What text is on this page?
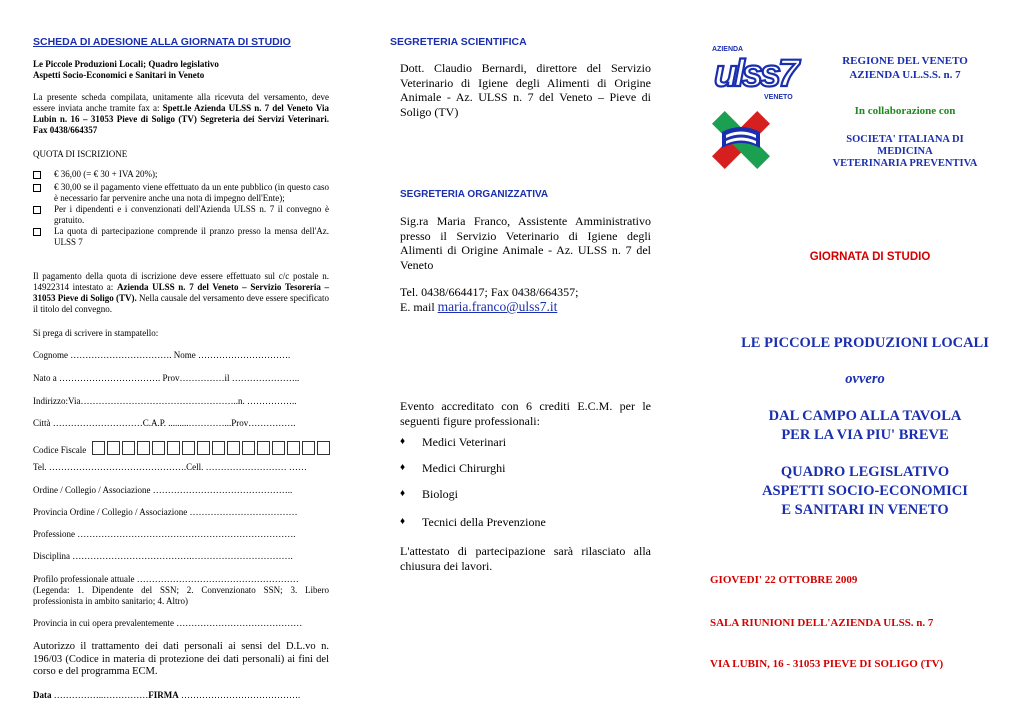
SCHEDA DI ADESIONE ALLA GIORNATA DI STUDIO
Le Piccole Produzioni Locali; Quadro legislativo
Aspetti Socio-Economici e Sanitari in Veneto
La presente scheda compilata, unitamente alla ricevuta del versamento, deve essere inviata anche tramite fax a: Spett.le Azienda ULSS n. 7 del Veneto Via Lubin n. 16 – 31053 Pieve di Soligo (TV) Segreteria dei Servizi Veterinari. Fax 0438/664357
QUOTA DI ISCRIZIONE
€ 36,00 (= € 30 + IVA 20%);
€ 30,00 se il pagamento viene effettuato da un ente pubblico (in questo caso è necessario far pervenire anche una nota di impegno dell'Ente);
Per i dipendenti e i convenzionati dell'Azienda ULSS n. 7 il convegno è gratuito.
La quota di partecipazione comprende il pranzo presso la mensa dell'Az. ULSS 7
Il pagamento della quota di iscrizione deve essere effettuato sul c/c postale n. 14922314 intestato a: Azienda ULSS n. 7 del Veneto – Servizio Tesoreria – 31053 Pieve di Soligo (TV). Nella causale del versamento deve essere specificato il titolo del convegno.
Si prega di scrivere in stampatello:
Cognome ……………………………. Nome ………………………….
Nato a ……………………………. Prov……………il …………………..
Indirizzo:Via……………………………………………..n. ……………..
Città …………………………C.A.P. .........…………...Prov…………….
Codice Fiscale
Tel. ……………………………………….Cell. ……………………… ……
Ordine / Collegio / Associazione ………………………………………..
Provincia Ordine / Collegio / Associazione ………………………………
Professione ……………………………………………………………….
Disciplina ………………………………….…………………………….
Profilo professionale attuale ………………………………………………
(Legenda: 1. Dipendente del SSN; 2. Convenzionato SSN; 3. Libero professionista in ambito sanitario; 4. Altro)
Provincia in cui opera prevalentemente ……………………………………
Autorizzo il trattamento dei dati personali ai sensi del D.L.vo n. 196/03 (Codice in materia di protezione dei dati personali) ai fini del corso e del programma ECM.
Data ……………..……………FIRMA ………………………………….
SEGRETERIA SCIENTIFICA
Dott. Claudio Bernardi, direttore del Servizio Veterinario di Igiene degli Alimenti di Origine Animale - Az. ULSS n. 7 del Veneto – Pieve di Soligo (TV)
SEGRETERIA ORGANIZZATIVA
Sig.ra Maria Franco, Assistente Amministrativo presso il Servizio Veterinario di Igiene degli Alimenti di Origine Animale - Az. ULSS n. 7 del Veneto
Tel. 0438/664417; Fax 0438/664357;
E. mail maria.franco@ulss7.it
Evento accreditato con 6 crediti E.C.M. per le seguenti figure professionali:
♦	Medici Veterinari
♦	Medici Chirurghi
♦	Biologi
♦	Tecnici della Prevenzione
L'attestato di partecipazione sarà rilasciato alla chiusura dei lavori.
AZIENDA
ulss7
VENETO
REGIONE DEL VENETO
AZIENDA U.L.S.S. n. 7
In collaborazione con
SOCIETA' ITALIANA DI
MEDICINA
VETERINARIA PREVENTIVA
GIORNATA DI STUDIO
LE PICCOLE PRODUZIONI LOCALI
ovvero
DAL CAMPO ALLA TAVOLA
PER LA VIA PIU' BREVE
QUADRO LEGISLATIVO
ASPETTI SOCIO-ECONOMICI
E SANITARI IN VENETO
GIOVEDI' 22 OTTOBRE 2009
SALA RIUNIONI DELL'AZIENDA ULSS. n. 7
VIA LUBIN, 16 - 31053 PIEVE DI SOLIGO (TV)
